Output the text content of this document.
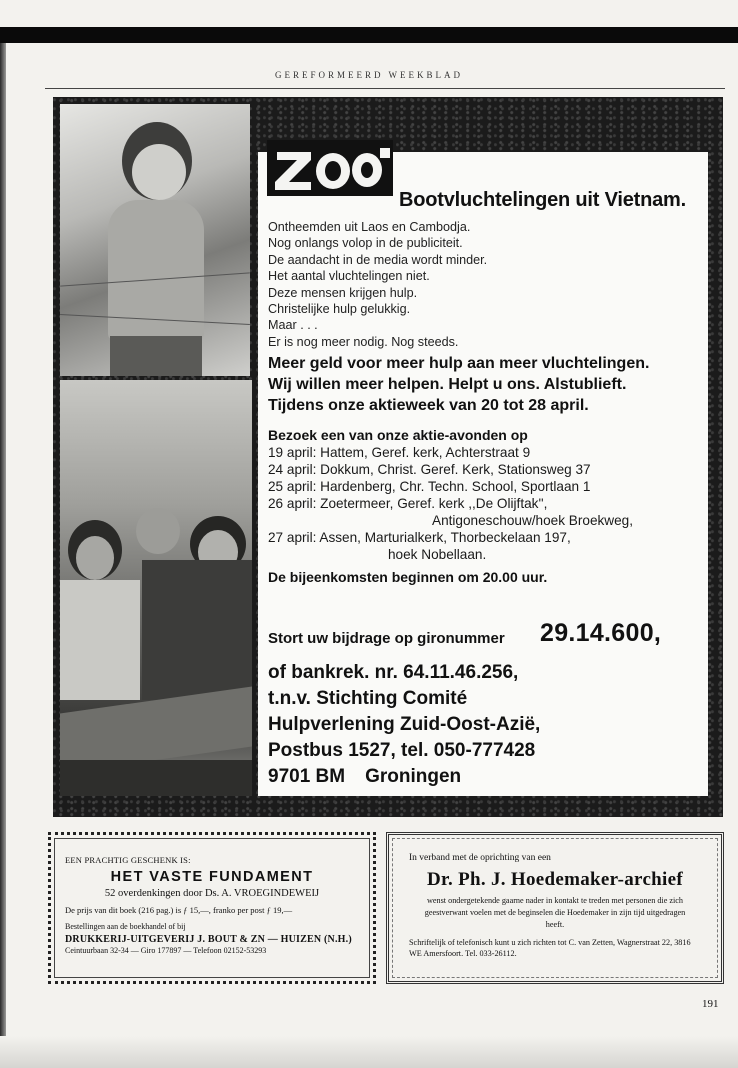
GEREFORMEERD WEEKBLAD
Bootvluchtelingen uit Vietnam.
Ontheemden uit Laos en Cambodja.
Nog onlangs volop in de publiciteit.
De aandacht in de media wordt minder.
Het aantal vluchtelingen niet.
Deze mensen krijgen hulp.
Christelijke hulp gelukkig.
Maar . . .
Er is nog meer nodig. Nog steeds.
Meer geld voor meer hulp aan meer vluchtelingen.
Wij willen meer helpen. Helpt u ons. Alstublieft.
Tijdens onze aktieweek van 20 tot 28 april.
Bezoek een van onze aktie-avonden op
19 april: Hattem, Geref. kerk, Achterstraat 9
24 april: Dokkum, Christ. Geref. Kerk, Stationsweg 37
25 april: Hardenberg, Chr. Techn. School, Sportlaan 1
26 april: Zoetermeer, Geref. kerk ,,De Olijftak'',
Antigoneschouw/hoek Broekweg,
27 april: Assen, Marturialkerk, Thorbeckelaan 197,
hoek Nobellaan.
De bijeenkomsten beginnen om 20.00 uur.
Stort uw bijdrage op gironummer 29.14.600,
of bankrek. nr. 64.11.46.256,
t.n.v. Stichting Comité
Hulpverlening Zuid-Oost-Azië,
Postbus 1527, tel. 050-777428
9701 BM Groningen
EEN PRACHTIG GESCHENK IS:
HET VASTE FUNDAMENT
52 overdenkingen door Ds. A. VROEGINDEWEIJ
De prijs van dit boek (216 pag.) is ƒ 15,—, franko per post ƒ 19,—
Bestellingen aan de boekhandel of bij
DRUKKERIJ-UITGEVERIJ J. BOUT & ZN — HUIZEN (N.H.)
Ceintuurbaan 32-34 — Giro 177897 — Telefoon 02152-53293
In verband met de oprichting van een
Dr. Ph. J. Hoedemaker-archief
wenst ondergetekende gaarne nader in kontakt te treden met personen die zich geestverwant voelen met de beginselen die Hoedemaker in zijn tijd uitgedragen heeft.
Schriftelijk of telefonisch kunt u zich richten tot C. van Zetten, Wagnerstraat 22, 3816 WE Amersfoort. Tel. 033-26112.
191
